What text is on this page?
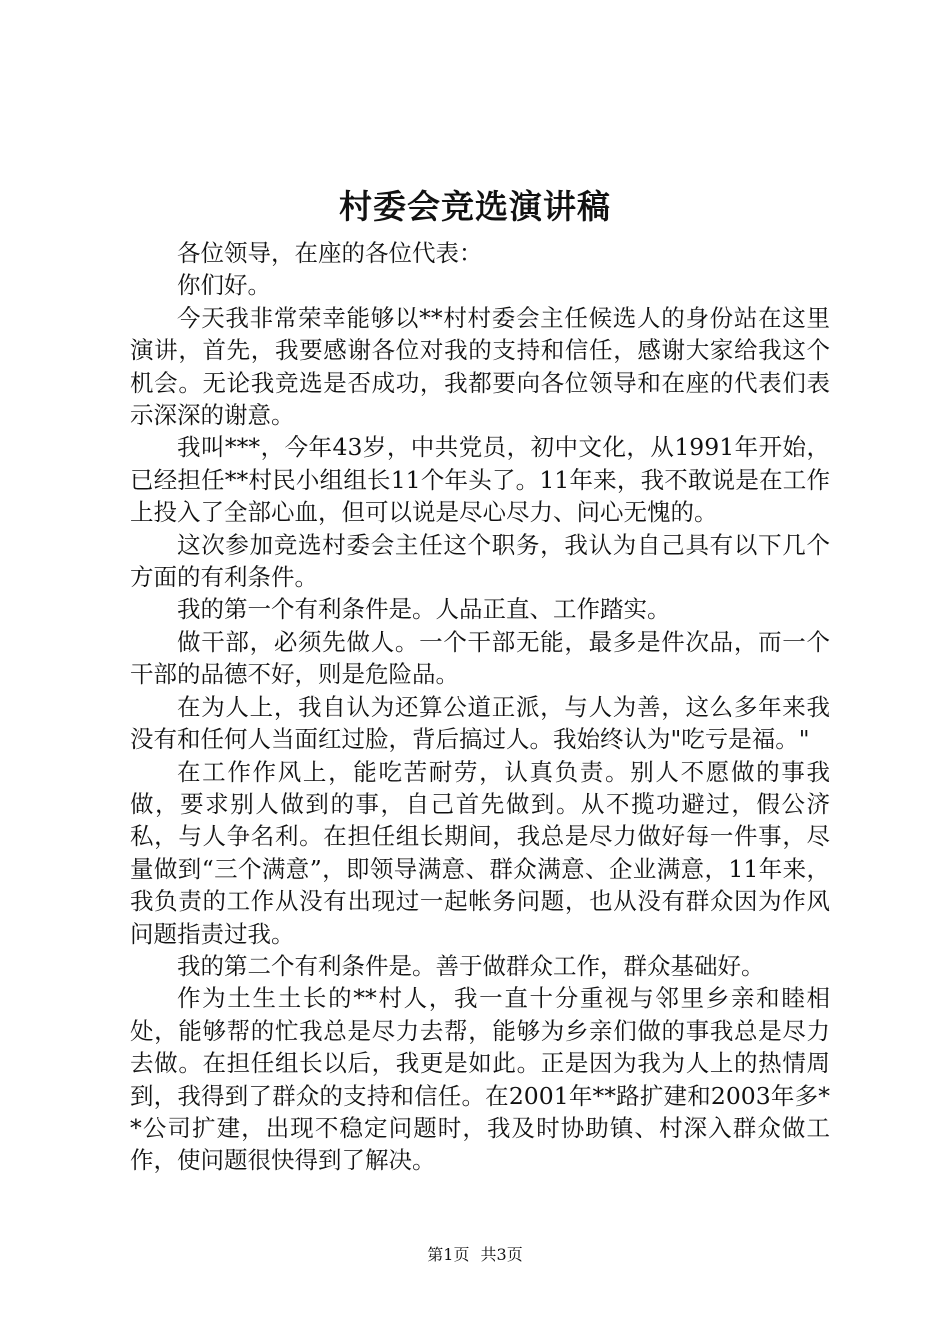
村委会竞选演讲稿

各位领导，在座的各位代表：

你们好。

今天我非常荣幸能够以**村村委会主任候选人的身份站在这里演讲，首先，我要感谢各位对我的支持和信任，感谢大家给我这个机会。无论我竞选是否成功，我都要向各位领导和在座的代表们表示深深的谢意。

我叫***，今年43岁，中共党员，初中文化，从1991年开始，已经担任**村民小组组长11个年头了。11年来，我不敢说是在工作上投入了全部心血，但可以说是尽心尽力、问心无愧的。

这次参加竞选村委会主任这个职务，我认为自己具有以下几个方面的有利条件。

我的第一个有利条件是。人品正直、工作踏实。

做干部，必须先做人。一个干部无能，最多是件次品，而一个干部的品德不好，则是危险品。

在为人上，我自认为还算公道正派，与人为善，这么多年来我没有和任何人当面红过脸，背后搞过人。我始终认为"吃亏是福。"

在工作作风上，能吃苦耐劳，认真负责。别人不愿做的事我做，要求别人做到的事，自己首先做到。从不揽功避过，假公济私，与人争名利。在担任组长期间，我总是尽力做好每一件事，尽量做到“三个满意”，即领导满意、群众满意、企业满意，11年来，我负责的工作从没有出现过一起帐务问题，也从没有群众因为作风问题指责过我。

我的第二个有利条件是。善于做群众工作，群众基础好。

作为土生土长的**村人，我一直十分重视与邻里乡亲和睦相处，能够帮的忙我总是尽力去帮，能够为乡亲们做的事我总是尽力去做。在担任组长以后，我更是如此。正是因为我为人上的热情周到，我得到了群众的支持和信任。在2001年**路扩建和2003年多**公司扩建，出现不稳定问题时，我及时协助镇、村深入群众做工作，使问题很快得到了解决。

第1页 共3页
